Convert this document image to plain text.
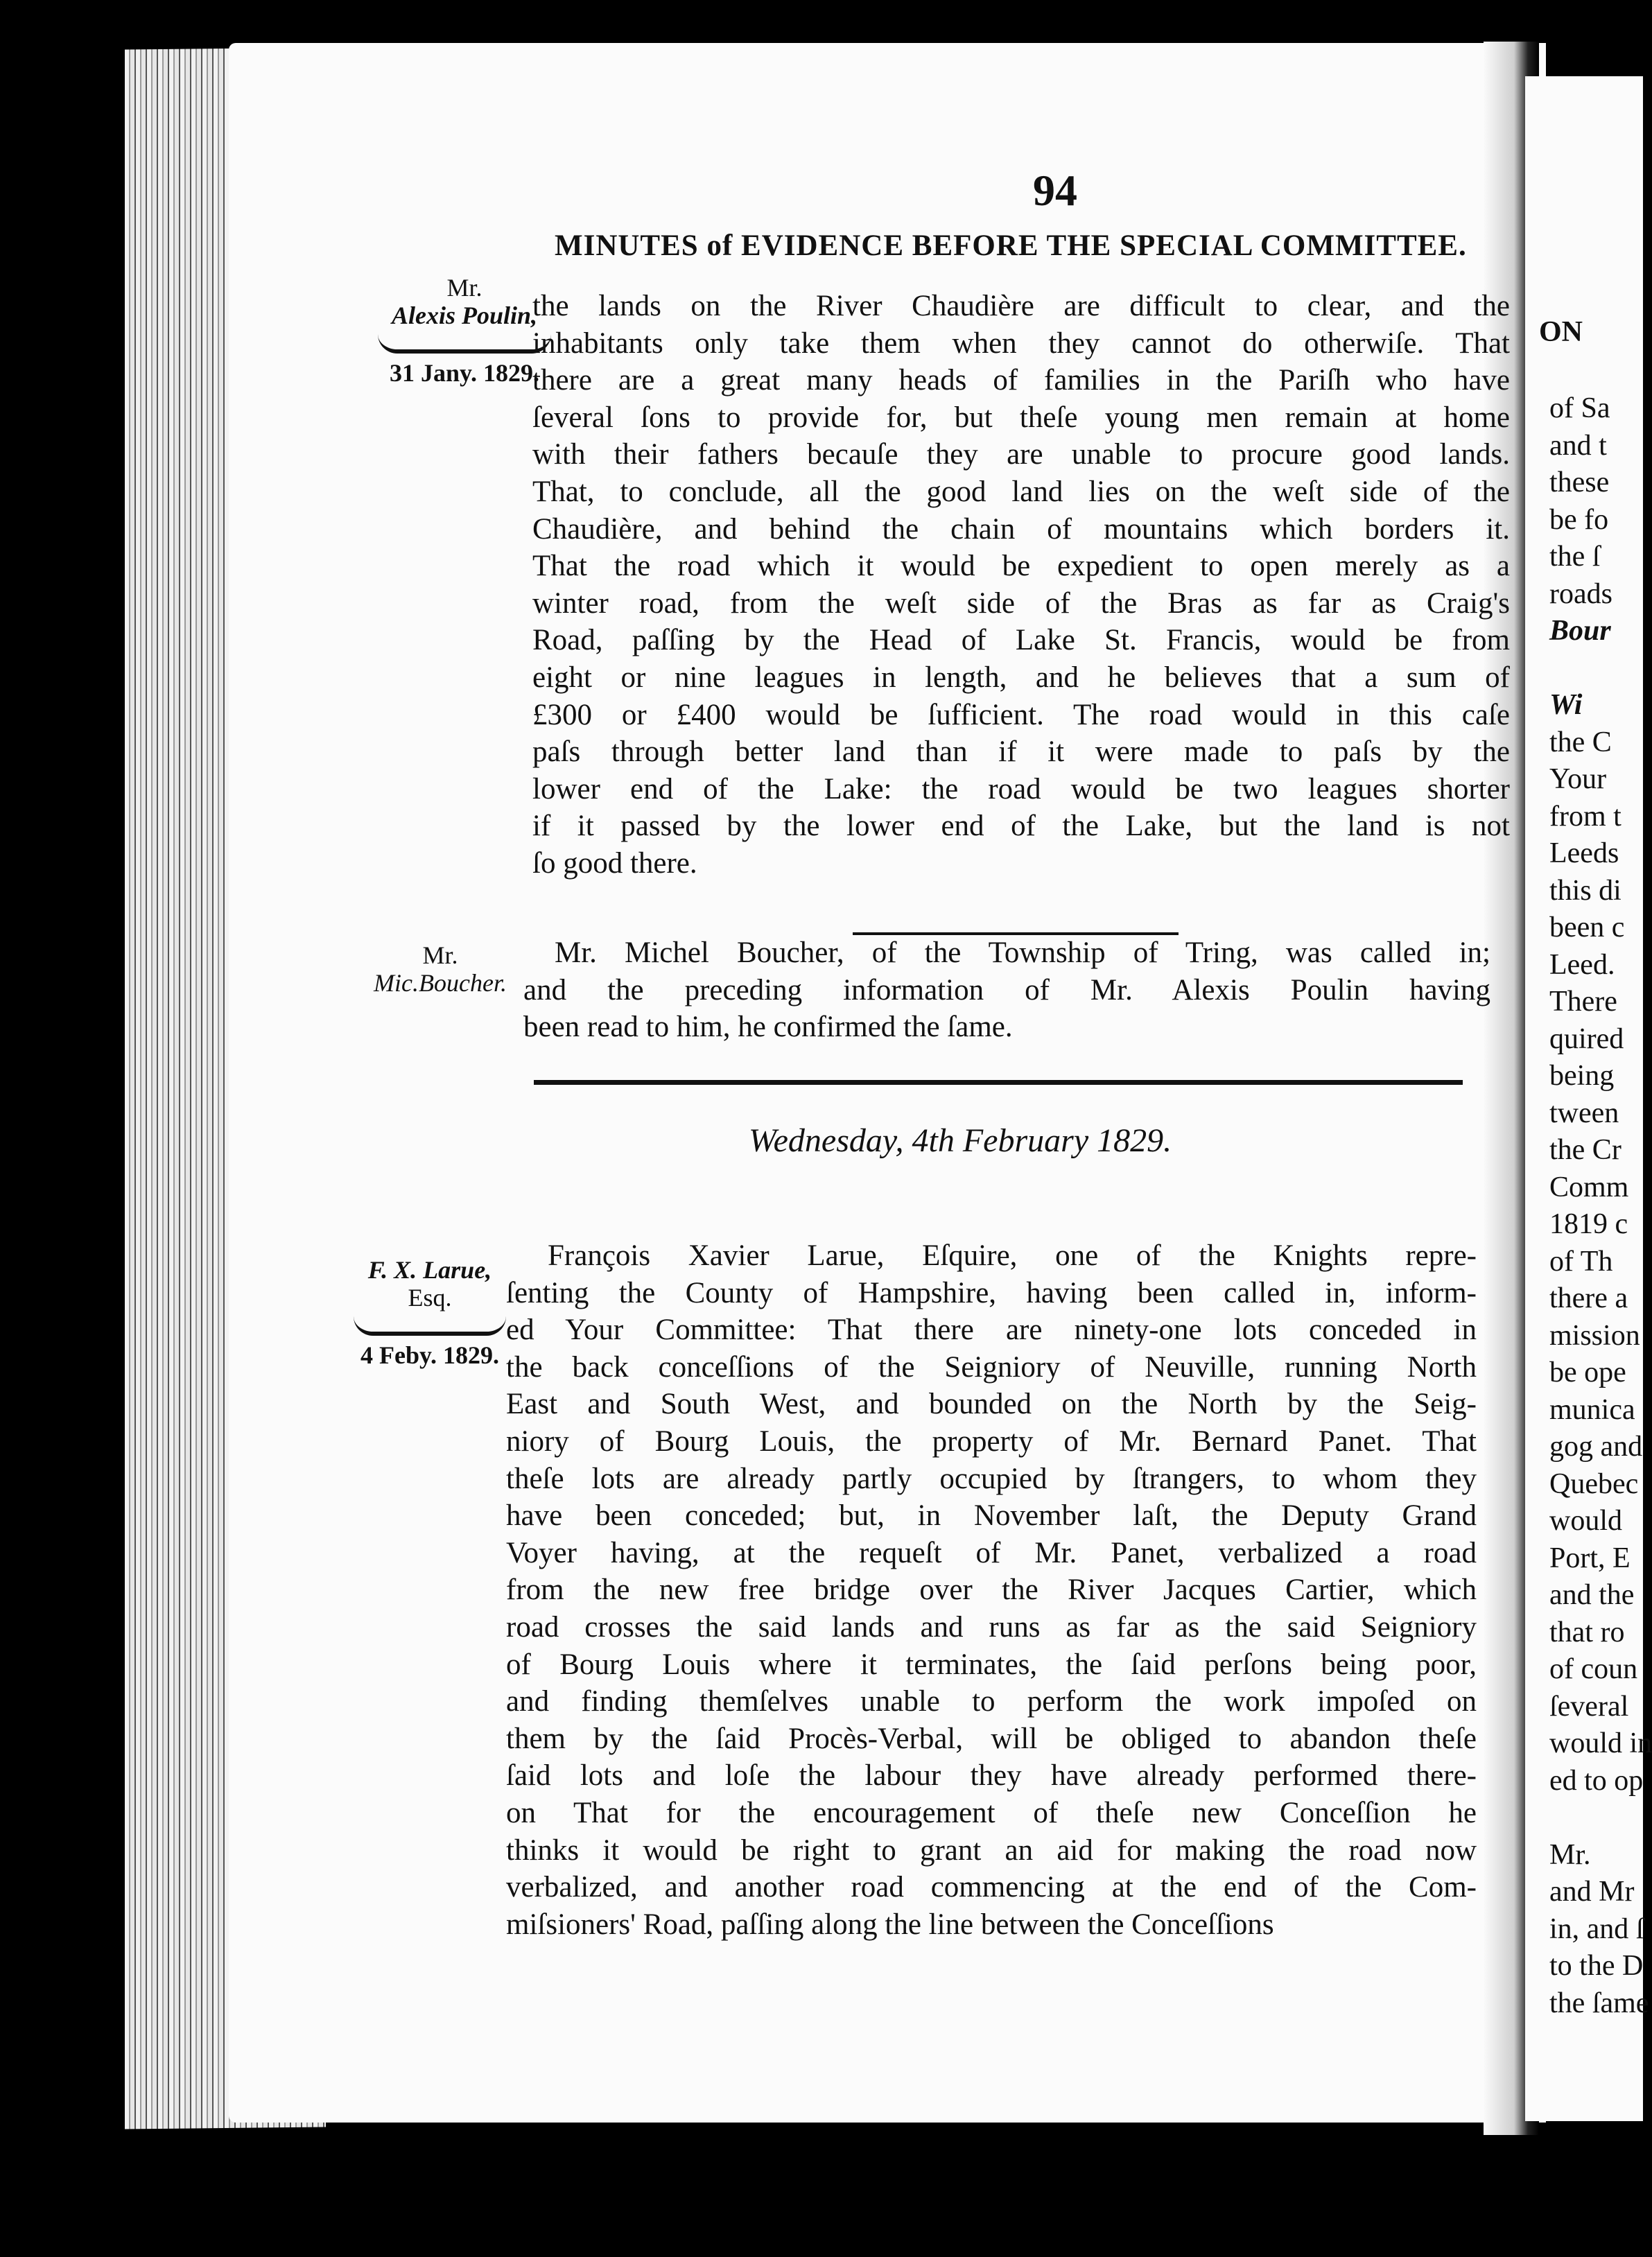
ON
of Sa
and t
these
be fo
the ſ
roads
Bour
Wi
the C
Your
from t
Leeds
this di
been c
Leed.
There
quired
being
tween
the Cr
Comm
1819 c
of Th
there a
mission
be ope
munica
gog and
Quebec
would
Port, E
and the
that ro
of coun
ſeveral
would in
ed to op
Mr.
and Mr
in, and ſ
to the D
the ſame
94
MINUTES of EVIDENCE BEFORE THE SPECIAL COMMITTEE.
Mr.
Alexis Poulin,
31 Jany. 1829.
Mr.
Mic.Boucher.
F. X. Larue,
Esq.
4 Feby. 1829.
the lands on the River Chaudière are difficult to clear, and the
inhabitants only take them when they cannot do otherwiſe. That
there are a great many heads of families in the Pariſh who have
ſeveral ſons to provide for, but theſe young men remain at home
with their fathers becauſe they are unable to procure good lands.
That, to conclude, all the good land lies on the weſt side of the
Chaudière, and behind the chain of mountains which borders it.
That the road which it would be expedient to open merely as a
winter road, from the weſt side of the Bras as far as Craig's
Road, paſſing by the Head of Lake St. Francis, would be from
eight or nine leagues in length, and he believes that a sum of
£300 or £400 would be ſufficient. The road would in this caſe
paſs through better land than if it were made to paſs by the
lower end of the Lake: the road would be two leagues shorter
if it passed by the lower end of the Lake, but the land is not
ſo good there.
Mr. Michel Boucher, of the Township of Tring, was called in;
and the preceding information of Mr. Alexis Poulin having
been read to him, he confirmed the ſame.
Wednesday, 4th February 1829.
François Xavier Larue, Eſquire, one of the Knights repre-
ſenting the County of Hampshire, having been called in, inform-
ed Your Committee: That there are ninety-one lots conceded in
the back conceſſions of the Seigniory of Neuville, running North
East and South West, and bounded on the North by the Seig-
niory of Bourg Louis, the property of Mr. Bernard Panet. That
theſe lots are already partly occupied by ſtrangers, to whom they
have been conceded; but, in November laſt, the Deputy Grand
Voyer having, at the requeſt of Mr. Panet, verbalized a road
from the new free bridge over the River Jacques Cartier, which
road crosses the said lands and runs as far as the said Seigniory
of Bourg Louis where it terminates, the ſaid perſons being poor,
and finding themſelves unable to perform the work impoſed on
them by the ſaid Procès-Verbal, will be obliged to abandon theſe
ſaid lots and loſe the labour they have already performed there-
on That for the encouragement of theſe new Conceſſion he
thinks it would be right to grant an aid for making the road now
verbalized, and another road commencing at the end of the Com-
miſsioners' Road, paſſing along the line between the Conceſſions
